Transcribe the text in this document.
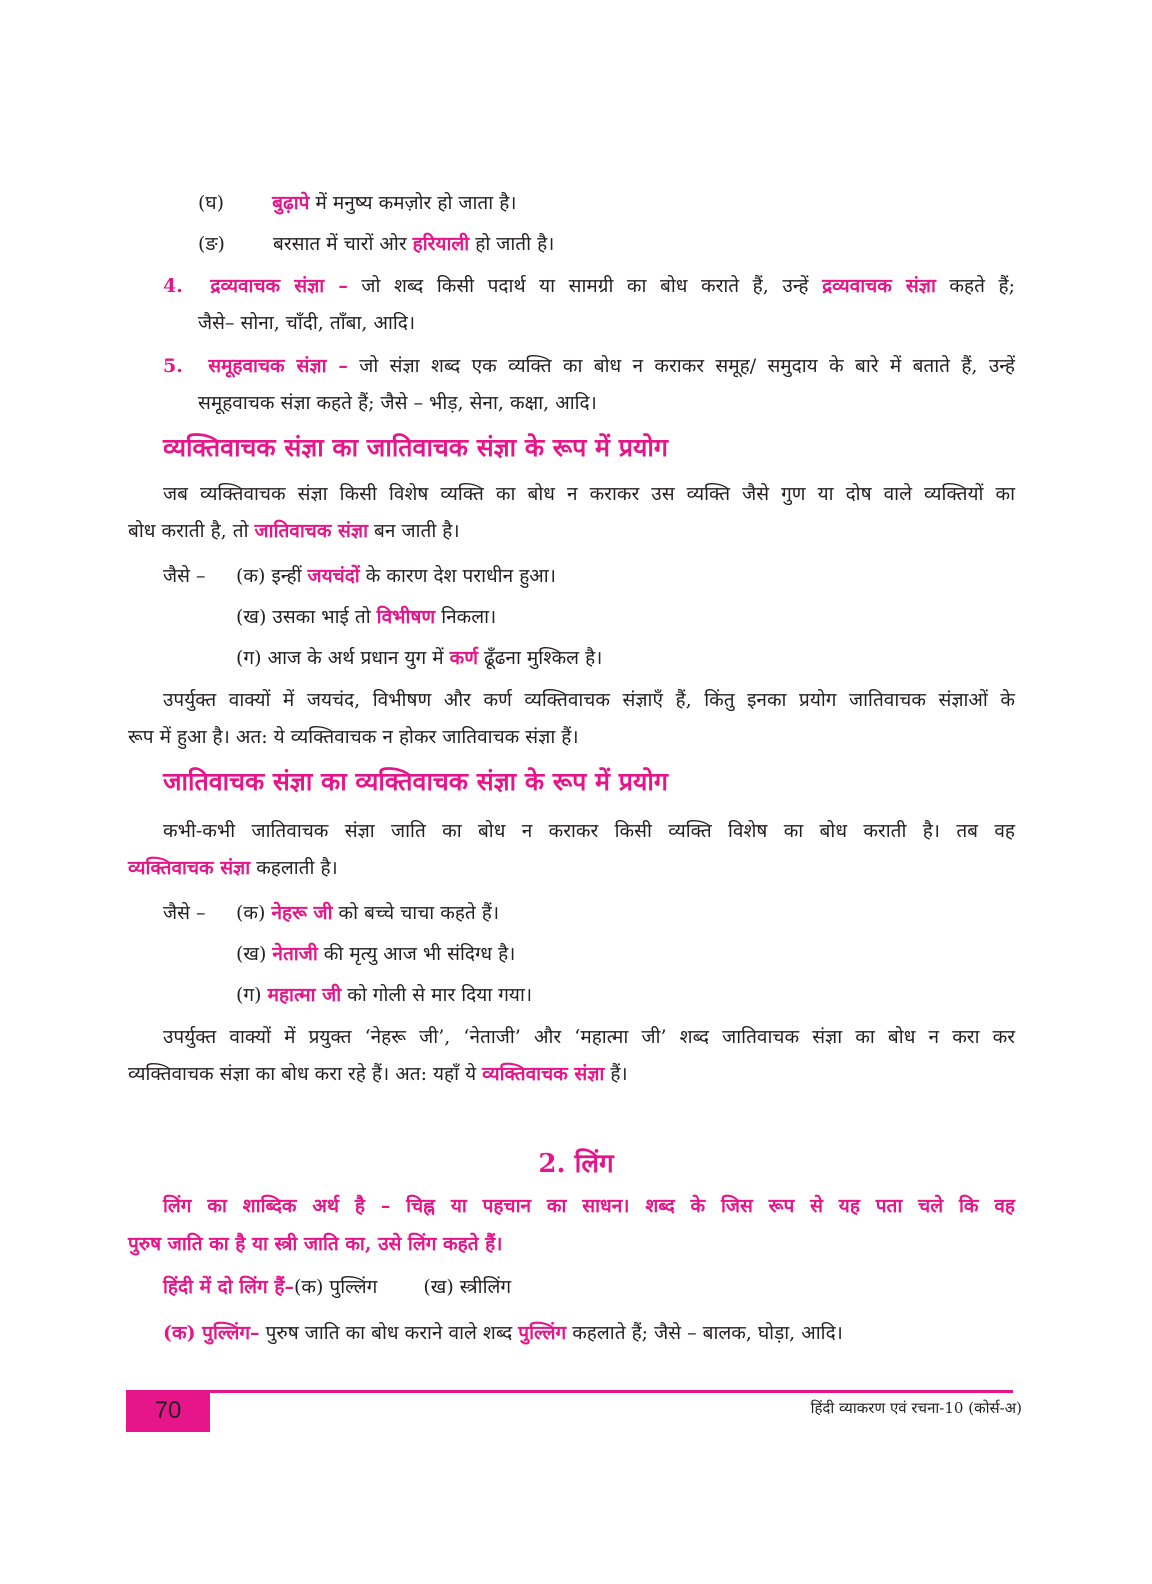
(घ)	बुढ़ापे में मनुष्य कमज़ोर हो जाता है।
(ङ)	बरसात में चारों ओर हरियाली हो जाती है।
4. द्रव्यवाचक संज्ञा – जो शब्द किसी पदार्थ या सामग्री का बोध कराते हैं, उन्हें द्रव्यवाचक संज्ञा कहते हैं;
जैसे– सोना, चाँदी, ताँबा, आदि।
5. समूहवाचक संज्ञा – जो संज्ञा शब्द एक व्यक्ति का बोध न कराकर समूह/ समुदाय के बारे में बताते हैं, उन्हें
समूहवाचक संज्ञा कहते हैं; जैसे – भीड़, सेना, कक्षा, आदि।
व्यक्तिवाचक संज्ञा का जातिवाचक संज्ञा के रूप में प्रयोग
जब व्यक्तिवाचक संज्ञा किसी विशेष व्यक्ति का बोध न कराकर उस व्यक्ति जैसे गुण या दोष वाले व्यक्तियों का
बोध कराती है, तो जातिवाचक संज्ञा बन जाती है।
जैसे – (क) इन्हीं जयचंदों के कारण देश पराधीन हुआ।
(ख) उसका भाई तो विभीषण निकला।
(ग) आज के अर्थ प्रधान युग में कर्ण ढूँढना मुश्किल है।
उपर्युक्त वाक्यों में जयचंद, विभीषण और कर्ण व्यक्तिवाचक संज्ञाएँ हैं, किंतु इनका प्रयोग जातिवाचक संज्ञाओं के
रूप में हुआ है। अत: ये व्यक्तिवाचक न होकर जातिवाचक संज्ञा हैं।
जातिवाचक संज्ञा का व्यक्तिवाचक संज्ञा के रूप में प्रयोग
कभी-कभी जातिवाचक संज्ञा जाति का बोध न कराकर किसी व्यक्ति विशेष का बोध कराती है। तब वह
व्यक्तिवाचक संज्ञा कहलाती है।
जैसे – (क) नेहरू जी को बच्चे चाचा कहते हैं।
(ख) नेताजी की मृत्यु आज भी संदिग्ध है।
(ग) महात्मा जी को गोली से मार दिया गया।
उपर्युक्त वाक्यों में प्रयुक्त ‘नेहरू जी’, ‘नेताजी’ और ‘महात्मा जी’ शब्द जातिवाचक संज्ञा का बोध न करा कर
व्यक्तिवाचक संज्ञा का बोध करा रहे हैं। अत: यहाँ ये व्यक्तिवाचक संज्ञा हैं।
2. लिंग
लिंग का शाब्दिक अर्थ है – चिह्न या पहचान का साधन। शब्द के जिस रूप से यह पता चले कि वह
पुरुष जाति का है या स्त्री जाति का, उसे लिंग कहते हैं।
हिंदी में दो लिंग हैं–(क) पुल्लिंग (ख) स्त्रीलिंग
(क) पुल्लिंग– पुरुष जाति का बोध कराने वाले शब्द पुल्लिंग कहलाते हैं; जैसे – बालक, घोड़ा, आदि।
70	हिंदी व्याकरण एवं रचना-10 (कोर्स-अ)
